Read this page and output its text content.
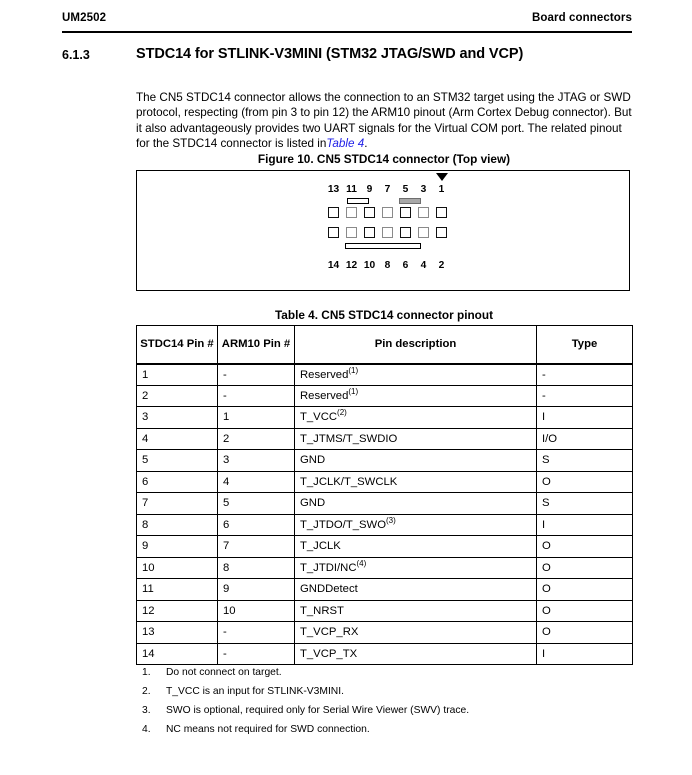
UM2502	Board connectors
6.1.3	STDC14 for STLINK-V3MINI (STM32 JTAG/SWD and VCP)

The CN5 STDC14 connector allows the connection to an STM32 target using the JTAG or SWD protocol, respecting (from pin 3 to pin 12) the ARM10 pinout (Arm Cortex Debug connector). But it also advantageously provides two UART signals for the Virtual COM port. The related pinout for the STDC14 connector is listed inTable 4.

Figure 10. CN5 STDC14 connector (Top view)
13 11 9	7	5	3	1
14 12 10 8	6	4	2
Table 4. CN5 STDC14 connector pinout
STDC14 Pin #	ARM10 Pin #	Pin description	Type
1	-	Reserved$^{(1)}$	-
2	-	Reserved$^{(1)}$	-
3	1	T_VCC$^{(2)}$	I
4	2	T_JTMS/T_SWDIO	I/O
5	3	GND	S
6	4	T_JCLK/T_SWCLK	O
7	5	GND	S
8	6	T_JTDO/T_SWO$^{(3)}$	I
9	7	T_JCLK	O
10	8	T_JTDI/NC$^{(4)}$	O
11	9	GNDDetect	O
12	10	T_NRST	O
13	-	T_VCP_RX	O
14	-	T_VCP_TX	I
1.	Do not connect on target.
2.	T_VCC is an input for STLINK-V3MINI.
3.	SWO is optional, required only for Serial Wire Viewer (SWV) trace.
4.	NC means not required for SWD connection.
